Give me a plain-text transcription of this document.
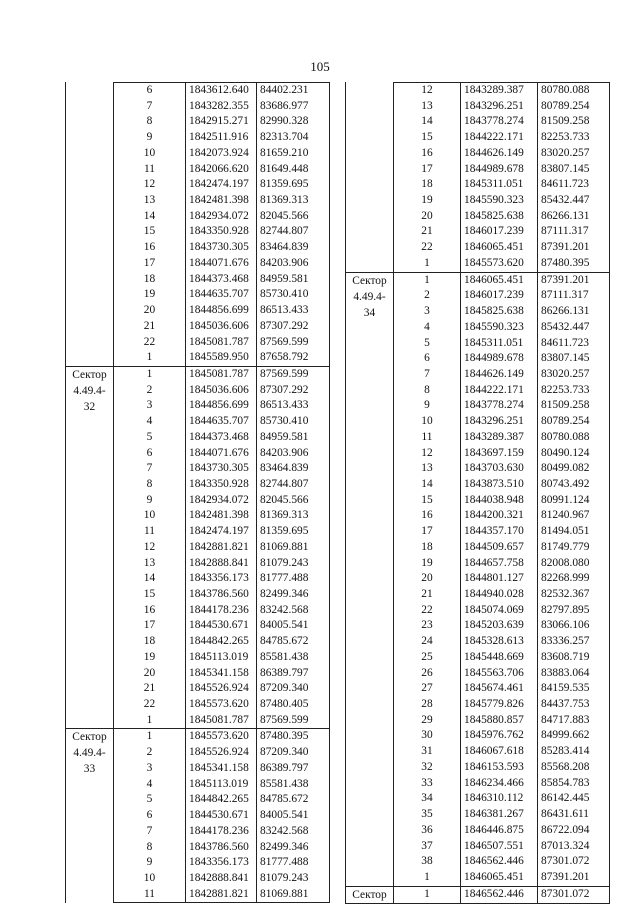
105
	6	1843612.640	84402.231
	7	1843282.355	83686.977
	8	1842915.271	82990.328
	9	1842511.916	82313.704
	10	1842073.924	81659.210
	11	1842066.620	81649.448
	12	1842474.197	81359.695
	13	1842481.398	81369.313
	14	1842934.072	82045.566
	15	1843350.928	82744.807
	16	1843730.305	83464.839
	17	1844071.676	84203.906
	18	1844373.468	84959.581
	19	1844635.707	85730.410
	20	1844856.699	86513.433
	21	1845036.606	87307.292
	22	1845081.787	87569.599
	1	1845589.950	87658.792

Сектор
4.49.4-
32	1	1845081.787	87569.599
	2	1845036.606	87307.292
	3	1844856.699	86513.433
	4	1844635.707	85730.410
	5	1844373.468	84959.581
	6	1844071.676	84203.906
	7	1843730.305	83464.839
	8	1843350.928	82744.807
	9	1842934.072	82045.566
	10	1842481.398	81369.313
	11	1842474.197	81359.695
	12	1842881.821	81069.881
	13	1842888.841	81079.243
	14	1843356.173	81777.488
	15	1843786.560	82499.346
	16	1844178.236	83242.568
	17	1844530.671	84005.541
	18	1844842.265	84785.672
	19	1845113.019	85581.438
	20	1845341.158	86389.797
	21	1845526.924	87209.340
	22	1845573.620	87480.405
	1	1845081.787	87569.599

Сектор
4.49.4-
33	1	1845573.620	87480.395
	2	1845526.924	87209.340
	3	1845341.158	86389.797
	4	1845113.019	85581.438
	5	1844842.265	84785.672
	6	1844530.671	84005.541
	7	1844178.236	83242.568
	8	1843786.560	82499.346
	9	1843356.173	81777.488
	10	1842888.841	81079.243
	11	1842881.821	81069.881
	12	1843289.387	80780.088
	13	1843296.251	80789.254
	14	1843778.274	81509.258
	15	1844222.171	82253.733
	16	1844626.149	83020.257
	17	1844989.678	83807.145
	18	1845311.051	84611.723
	19	1845590.323	85432.447
	20	1845825.638	86266.131
	21	1846017.239	87111.317
	22	1846065.451	87391.201
	1	1845573.620	87480.395

Сектор
4.49.4-
34	1	1846065.451	87391.201
	2	1846017.239	87111.317
	3	1845825.638	86266.131
	4	1845590.323	85432.447
	5	1845311.051	84611.723
	6	1844989.678	83807.145
	7	1844626.149	83020.257
	8	1844222.171	82253.733
	9	1843778.274	81509.258
	10	1843296.251	80789.254
	11	1843289.387	80780.088
	12	1843697.159	80490.124
	13	1843703.630	80499.082
	14	1843873.510	80743.492
	15	1844038.948	80991.124
	16	1844200.321	81240.967
	17	1844357.170	81494.051
	18	1844509.657	81749.779
	19	1844657.758	82008.080
	20	1844801.127	82268.999
	21	1844940.028	82532.367
	22	1845074.069	82797.895
	23	1845203.639	83066.106
	24	1845328.613	83336.257
	25	1845448.669	83608.719
	26	1845563.706	83883.064
	27	1845674.461	84159.535
	28	1845779.826	84437.753
	29	1845880.857	84717.883
	30	1845976.762	84999.662
	31	1846067.618	85283.414
	32	1846153.593	85568.208
	33	1846234.466	85854.783
	34	1846310.112	86142.445
	35	1846381.267	86431.611
	36	1846446.875	86722.094
	37	1846507.551	87013.324
	38	1846562.446	87301.072
	1	1846065.451	87391.201

Сектор	1	1846562.446	87301.072
